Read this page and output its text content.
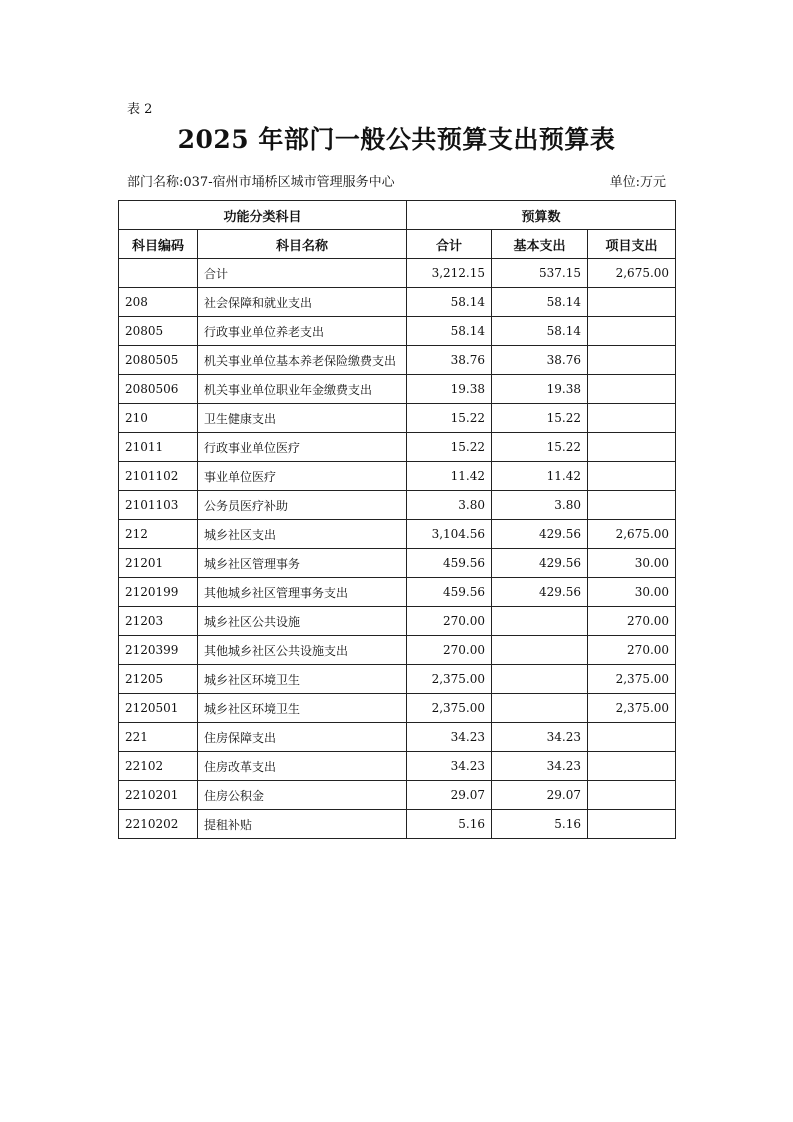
表 2
2025 年部门一般公共预算支出预算表
部门名称:037-宿州市埇桥区城市管理服务中心	单位:万元
功能分类科目		预算数		
科目编码	科目名称	合计	基本支出	项目支出
	合计	3,212.15	537.15	2,675.00
208	社会保障和就业支出	58.14	58.14	
20805	行政事业单位养老支出	58.14	58.14	
2080505	机关事业单位基本养老保险缴费支出	38.76	38.76	
2080506	机关事业单位职业年金缴费支出	19.38	19.38	
210	卫生健康支出	15.22	15.22	
21011	行政事业单位医疗	15.22	15.22	
2101102	事业单位医疗	11.42	11.42	
2101103	公务员医疗补助	3.80	3.80	
212	城乡社区支出	3,104.56	429.56	2,675.00
21201	城乡社区管理事务	459.56	429.56	30.00
2120199	其他城乡社区管理事务支出	459.56	429.56	30.00
21203	城乡社区公共设施	270.00		270.00
2120399	其他城乡社区公共设施支出	270.00		270.00
21205	城乡社区环境卫生	2,375.00		2,375.00
2120501	城乡社区环境卫生	2,375.00		2,375.00
221	住房保障支出	34.23	34.23	
22102	住房改革支出	34.23	34.23	
2210201	住房公积金	29.07	29.07	
2210202	提租补贴	5.16	5.16	
